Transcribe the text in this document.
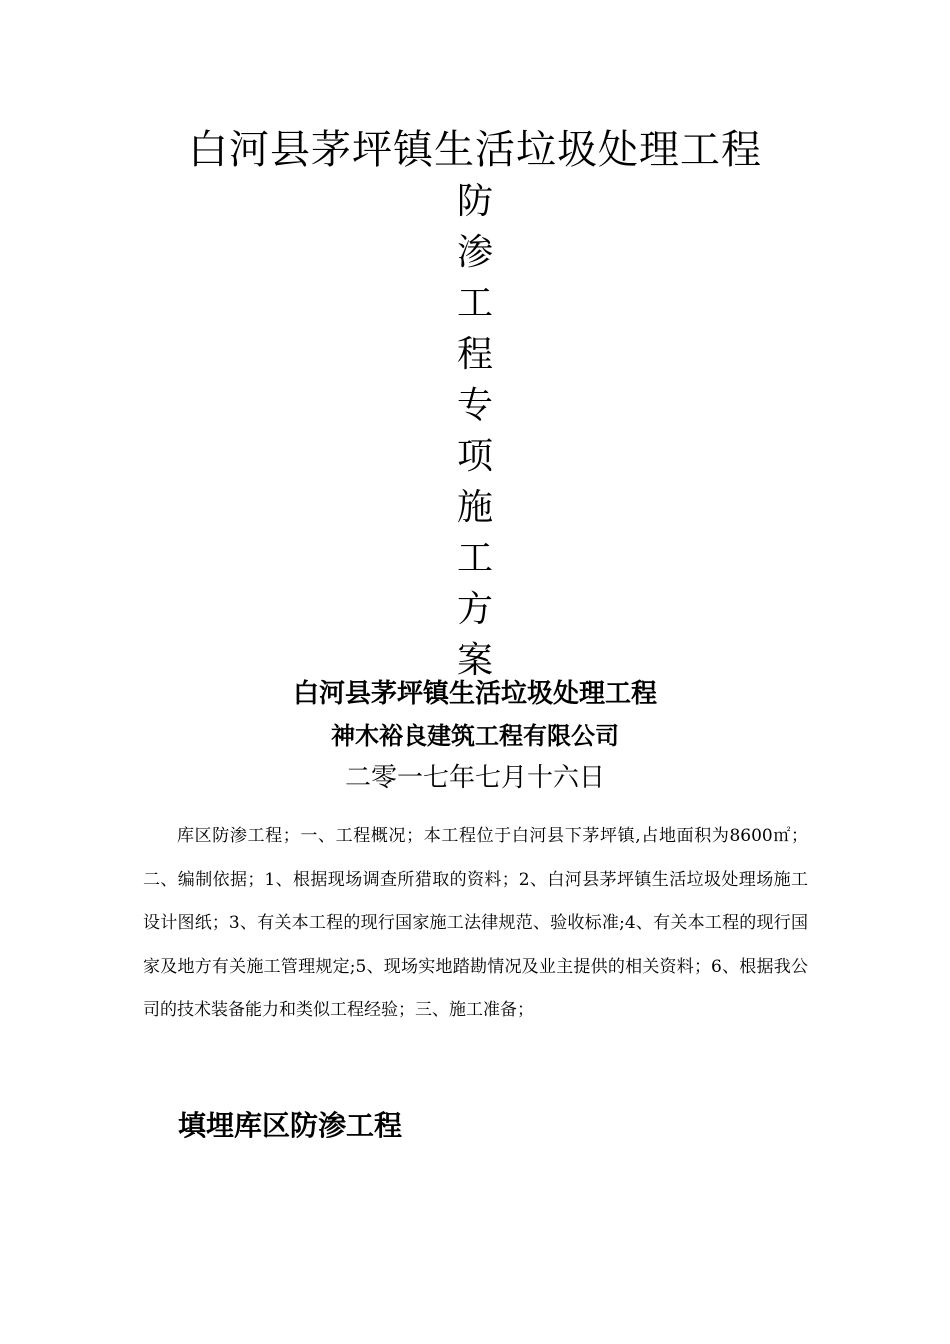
白河县茅坪镇生活垃圾处理工程
防
渗
工
程
专
项
施
工
方
案
白河县茅坪镇生活垃圾处理工程
神木裕良建筑工程有限公司
二零一七年七月十六日

库区防渗工程；一、工程概况；本工程位于白河县下茅坪镇,占地面积为8600㎡；二、编制依据；1、根据现场调查所猎取的资料；2、白河县茅坪镇生活垃圾处理场施工设计图纸；3、有关本工程的现行国家施工法律规范、验收标准;4、有关本工程的现行国家及地方有关施工管理规定;5、现场实地踏勘情况及业主提供的相关资料；6、根据我公司的技术装备能力和类似工程经验；三、施工准备；

填埋库区防渗工程
